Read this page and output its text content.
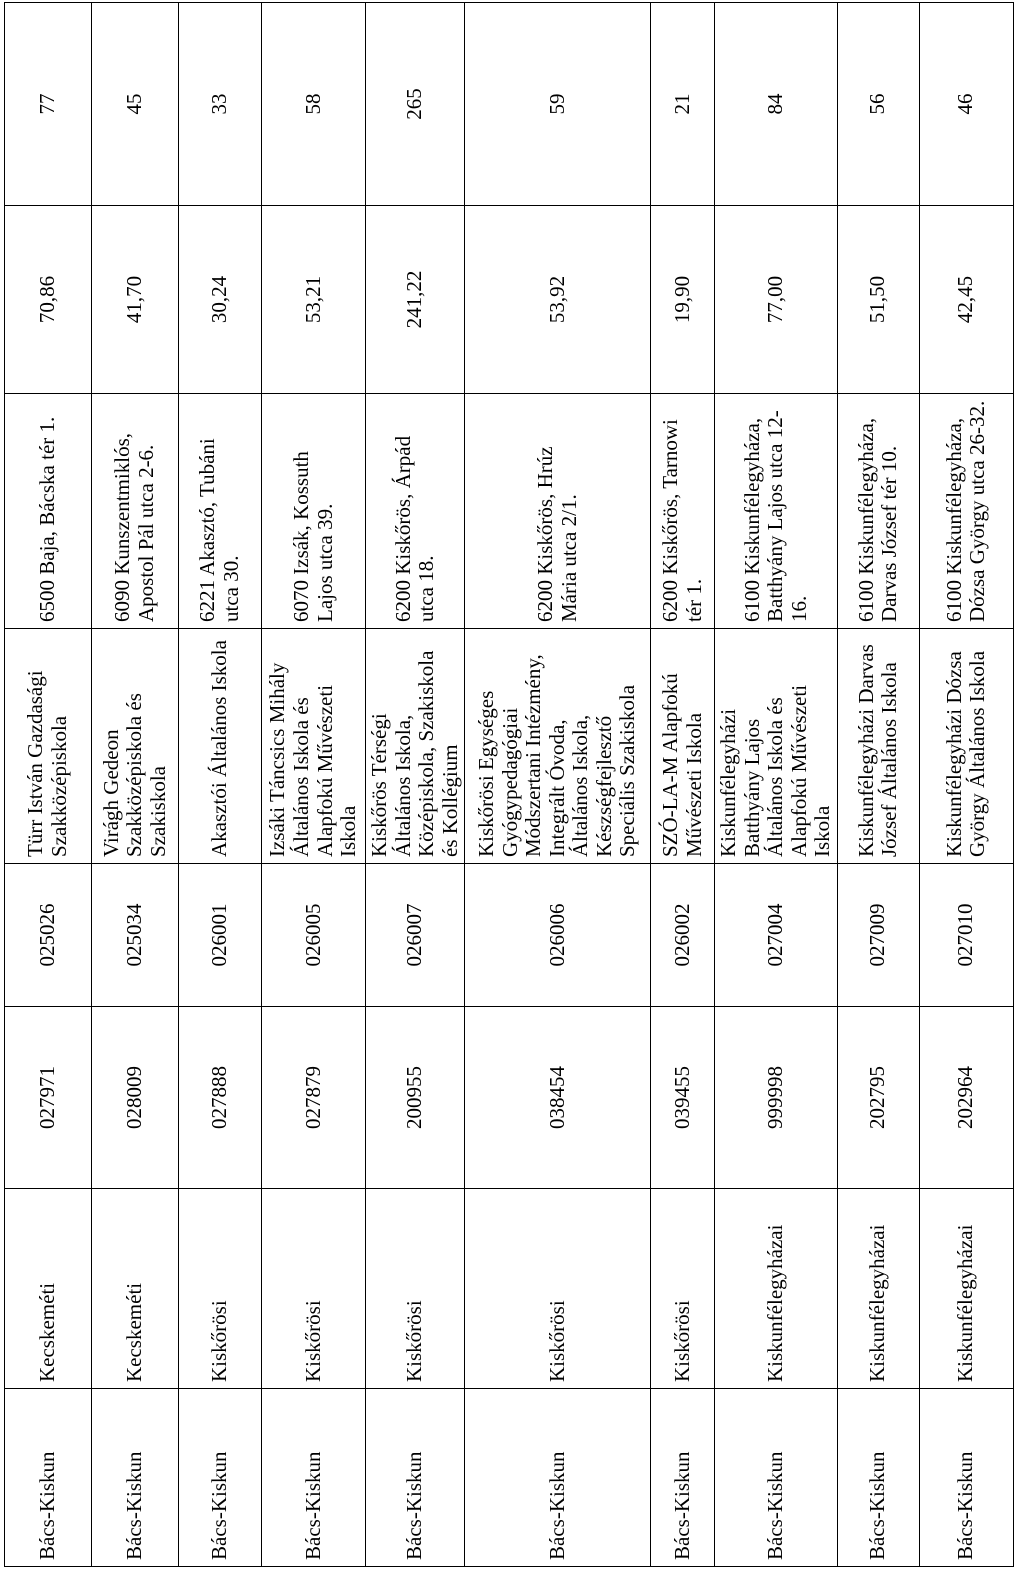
Bács-Kiskun	Kecskeméti	027971	025026	Türr István Gazdasági Szakközépiskola	6500 Baja, Bácska tér 1.	70,86	77
Bács-Kiskun	Kecskeméti	028009	025034	Virágh Gedeon Szakközépiskola és Szakiskola	6090 Kunszentmiklós, Apostol Pál utca 2-6.	41,70	45
Bács-Kiskun	Kiskőrösi	027888	026001	Akasztói Általános Iskola	6221 Akasztó, Tubáni utca 30.	30,24	33
Bács-Kiskun	Kiskőrösi	027879	026005	Izsáki Táncsics Mihály Általános Iskola és Alapfokú Művészeti Iskola	6070 Izsák, Kossuth Lajos utca 39.	53,21	58
Bács-Kiskun	Kiskőrösi	200955	026007	Kiskőrös Térségi Általános Iskola, Középiskola, Szakiskola és Kollégium	6200 Kiskőrös, Árpád utca 18.	241,22	265
Bács-Kiskun	Kiskőrösi	038454	026006	Kiskőrösi Egységes Gyógypedagógiai Módszertani Intézmény, Integrált Óvoda, Általános Iskola, Készségfejlesztő Speciális Szakiskola	6200 Kiskőrös, Hrúz Mária utca 2/1.	53,92	59
Bács-Kiskun	Kiskőrösi	039455	026002	SZÓ-LA-M Alapfokú Művészeti Iskola	6200 Kiskőrös, Tarnowi tér 1.	19,90	21
Bács-Kiskun	Kiskunfélegyházai	999998	027004	Kiskunfélegyházi Batthyány Lajos Általános Iskola és Alapfokú Művészeti Iskola	6100 Kiskunfélegyháza, Batthyány Lajos utca 12-16.	77,00	84
Bács-Kiskun	Kiskunfélegyházai	202795	027009	Kiskunfélegyházi Darvas József Általános Iskola	6100 Kiskunfélegyháza, Darvas József tér 10.	51,50	56
Bács-Kiskun	Kiskunfélegyházai	202964	027010	Kiskunfélegyházi Dózsa György Általános Iskola	6100 Kiskunfélegyháza, Dózsa György utca 26-32.	42,45	46
